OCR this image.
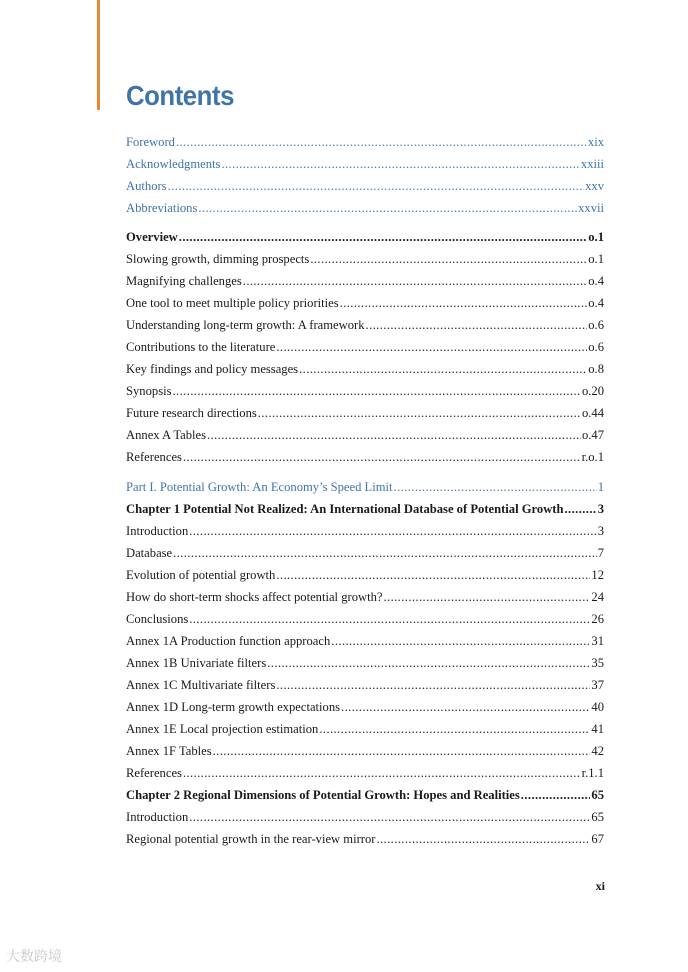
Contents
Foreword .....	xix
Acknowledgments .....	xxiii
Authors .....	xxv
Abbreviations .....	xxvii
Overview .....	o.1
Slowing growth, dimming prospects .....	o.1
Magnifying challenges .....	o.4
One tool to meet multiple policy priorities .....	o.4
Understanding long-term growth: A framework .....	o.6
Contributions to the literature .....	o.6
Key findings and policy messages .....	o.8
Synopsis .....	o.20
Future research directions .....	o.44
Annex A Tables .....	o.47
References .....	r.o.1
Part I. Potential Growth: An Economy’s Speed Limit .....	1
Chapter 1 Potential Not Realized: An International Database of Potential Growth .....	3
Introduction .....	3
Database .....	7
Evolution of potential growth .....	12
How do short-term shocks affect potential growth? .....	24
Conclusions .....	26
Annex 1A Production function approach .....	31
Annex 1B Univariate filters .....	35
Annex 1C Multivariate filters .....	37
Annex 1D Long-term growth expectations .....	40
Annex 1E Local projection estimation .....	41
Annex 1F Tables .....	42
References .....	r.1.1
Chapter 2 Regional Dimensions of Potential Growth: Hopes and Realities .....	65
Introduction .....	65
Regional potential growth in the rear-view mirror .....	67
xi
大数跨境
